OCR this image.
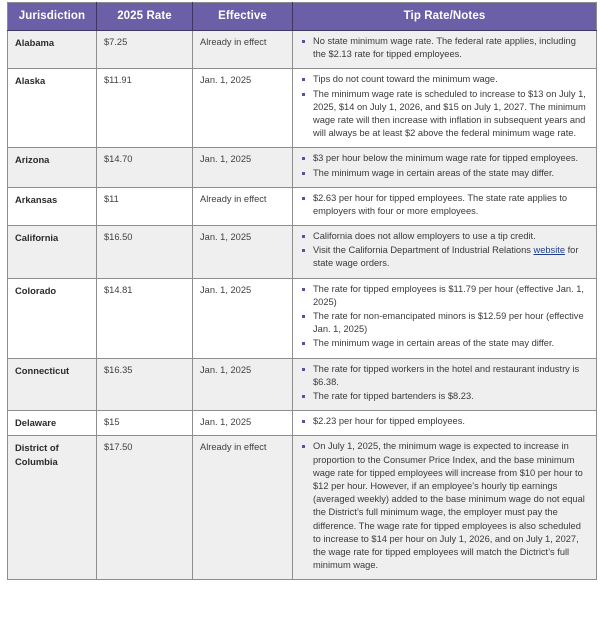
Jurisdiction	2025 Rate	Effective	Tip Rate/Notes
Alabama	$7.25	Already in effect	No state minimum wage rate. The federal rate applies, including the $2.13 rate for tipped employees.

Alaska	$11.91	Jan. 1, 2025	Tips do not count toward the minimum wage.
The minimum wage rate is scheduled to increase to $13 on July 1, 2025, $14 on July 1, 2026, and $15 on July 1, 2027. The minimum wage rate will then increase with inflation in subsequent years and will always be at least $2 above the federal minimum wage rate.

Arizona	$14.70	Jan. 1, 2025	$3 per hour below the minimum wage rate for tipped employees.
The minimum wage in certain areas of the state may differ.

Arkansas	$11	Already in effect	$2.63 per hour for tipped employees. The state rate applies to employers with four or more employees.

California	$16.50	Jan. 1, 2025	California does not allow employers to use a tip credit.
Visit the California Department of Industrial Relations website for state wage orders.

Colorado	$14.81	Jan. 1, 2025	The rate for tipped employees is $11.79 per hour (effective Jan. 1, 2025)
The rate for non-emancipated minors is $12.59 per hour (effective Jan. 1, 2025)
The minimum wage in certain areas of the state may differ.

Connecticut	$16.35	Jan. 1, 2025	The rate for tipped workers in the hotel and restaurant industry is $6.38.
The rate for tipped bartenders is $8.23.

Delaware	$15	Jan. 1, 2025	$2.23 per hour for tipped employees.

District of Columbia	$17.50	Already in effect	On July 1, 2025, the minimum wage is expected to increase in proportion to the Consumer Price Index, and the base minimum wage rate for tipped employees will increase from $10 per hour to $12 per hour. However, if an employee’s hourly tip earnings (averaged weekly) added to the base minimum wage do not equal the District’s full minimum wage, the employer must pay the difference. The wage rate for tipped employees is also scheduled to increase to $14 per hour on July 1, 2026, and on July 1, 2027, the wage rate for tipped employees will match the Dictrict’s full minimum wage.
